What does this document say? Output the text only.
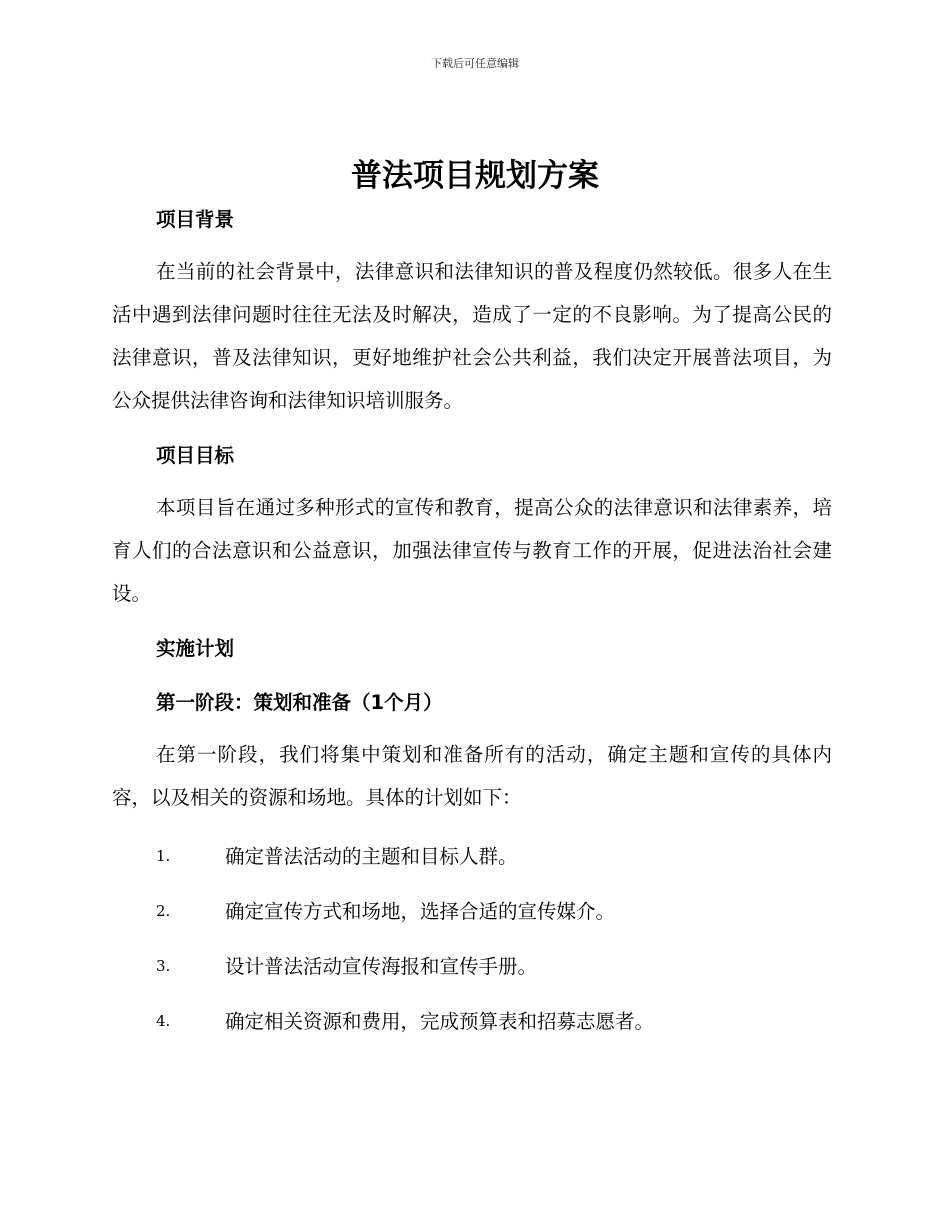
下载后可任意编辑
普法项目规划方案
项目背景

在当前的社会背景中，法律意识和法律知识的普及程度仍然较低。很多人在生活中遇到法律问题时往往无法及时解决，造成了一定的不良影响。为了提高公民的法律意识，普及法律知识，更好地维护社会公共利益，我们决定开展普法项目，为公众提供法律咨询和法律知识培训服务。

项目目标

本项目旨在通过多种形式的宣传和教育，提高公众的法律意识和法律素养，培育人们的合法意识和公益意识，加强法律宣传与教育工作的开展，促进法治社会建设。

实施计划
第一阶段：策划和准备（1个月）

在第一阶段，我们将集中策划和准备所有的活动，确定主题和宣传的具体内容，以及相关的资源和场地。具体的计划如下：

1.	确定普法活动的主题和目标人群。
2.	确定宣传方式和场地，选择合适的宣传媒介。
3.	设计普法活动宣传海报和宣传手册。
4.	确定相关资源和费用，完成预算表和招募志愿者。
